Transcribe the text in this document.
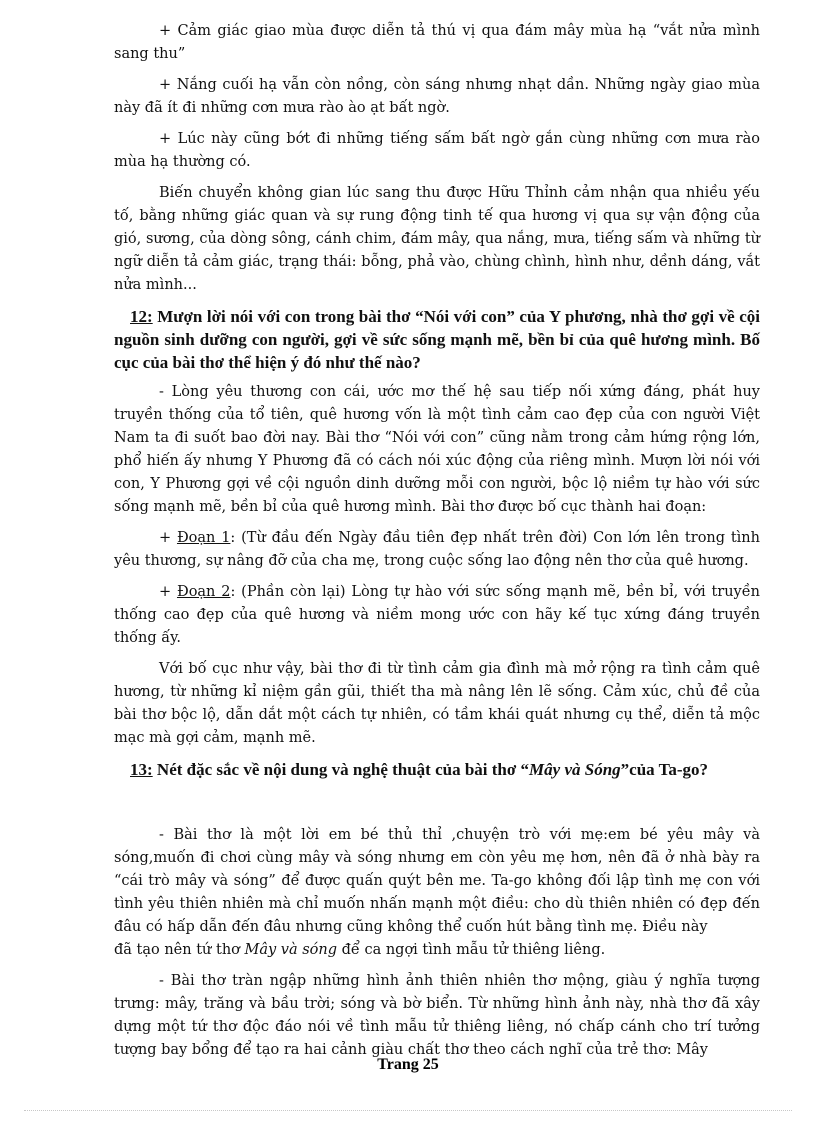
+ Cảm giác giao mùa được diễn tả thú vị qua đám mây mùa hạ “vắt nửa mình sang thu”

+ Nắng cuối hạ vẫn còn nồng, còn sáng nhưng nhạt dần. Những ngày giao mùa này đã ít đi những cơn mưa rào ào ạt bất ngờ.

+ Lúc này cũng bớt đi những tiếng sấm bất ngờ gắn cùng những cơn mưa rào mùa hạ thường có.

Biến chuyển không gian lúc sang thu được Hữu Thỉnh cảm nhận qua nhiều yếu tố, bằng những giác quan và sự rung động tinh tế qua hương vị qua sự vận động của gió, sương, của dòng sông, cánh chim, đám mây, qua nắng, mưa, tiếng sấm và những từ ngữ diễn tả cảm giác, trạng thái: bỗng, phả vào, chùng chình, hình như, dềnh dáng, vắt nửa mình...

12: Mượn lời nói với con trong bài thơ “Nói với con” của Y phương, nhà thơ gợi về cội nguồn sinh dưỡng con người, gợi về sức sống mạnh mẽ, bền bỉ của quê hương mình. Bố cục của bài thơ thể hiện ý đó như thế nào?

- Lòng yêu thương con cái, ước mơ thế hệ sau tiếp nối xứng đáng, phát huy truyền thống của tổ tiên, quê hương vốn là một tình cảm cao đẹp của con người Việt Nam ta đi suốt bao đời nay. Bài thơ “Nói với con” cũng nằm trong cảm hứng rộng lớn, phổ hiến ấy nhưng Y Phương đã có cách nói xúc động của riêng mình. Mượn lời nói với con, Y Phương gợi về cội nguồn dinh dưỡng mỗi con người, bộc lộ niềm tự hào với sức sống mạnh mẽ, bền bỉ của quê hương mình. Bài thơ được bố cục thành hai đoạn:

+ Đoạn 1: (Từ đầu đến Ngày đầu tiên đẹp nhất trên đời) Con lớn lên trong tình yêu thương, sự nâng đỡ của cha mẹ, trong cuộc sống lao động nên thơ của quê hương.

+ Đoạn 2: (Phần còn lại) Lòng tự hào với sức sống mạnh mẽ, bền bỉ, với truyền thống cao đẹp của quê hương và niềm mong ước con hãy kế tục xứng đáng truyền thống ấy.

Với bố cục như vậy, bài thơ đi từ tình cảm gia đình mà mở rộng ra tình cảm quê hương, từ những kỉ niệm gần gũi, thiết tha mà nâng lên lẽ sống. Cảm xúc, chủ đề của bài thơ bộc lộ, dẫn dắt một cách tự nhiên, có tầm khái quát nhưng cụ thể, diễn tả mộc mạc mà gợi cảm, mạnh mẽ.

13: Nét đặc sắc về nội dung và nghệ thuật của bài thơ “Mây và Sóng”của Ta-go?

- Bài thơ là một lời em bé thủ thỉ ,chuyện trò với mẹ:em bé yêu mây và sóng,muốn đi chơi cùng mây và sóng nhưng em còn yêu mẹ hơn, nên đã ở nhà bày ra “cái trò mây và sóng” để được quấn quýt bên me. Ta-go không đối lập tình mẹ con với tình yêu thiên nhiên mà chỉ muốn nhấn mạnh một điều: cho dù thiên nhiên có đẹp đến đâu có hấp dẫn đến đâu nhưng cũng không thể cuốn hút bằng tình mẹ. Điều này

đã tạo nên tứ thơ Mây và sóng để ca ngợi tình mẫu tử thiêng liêng.

- Bài thơ tràn ngập những hình ảnh thiên nhiên thơ mộng, giàu ý nghĩa tượng trưng: mây, trăng và bầu trời; sóng và bờ biển. Từ những hình ảnh này, nhà thơ đã xây dựng một tứ thơ độc đáo nói về tình mẫu tử thiêng liêng, nó chấp cánh cho trí tưởng tượng bay bổng để tạo ra hai cảnh giàu chất thơ theo cách nghĩ của trẻ thơ: Mây

Trang 25
